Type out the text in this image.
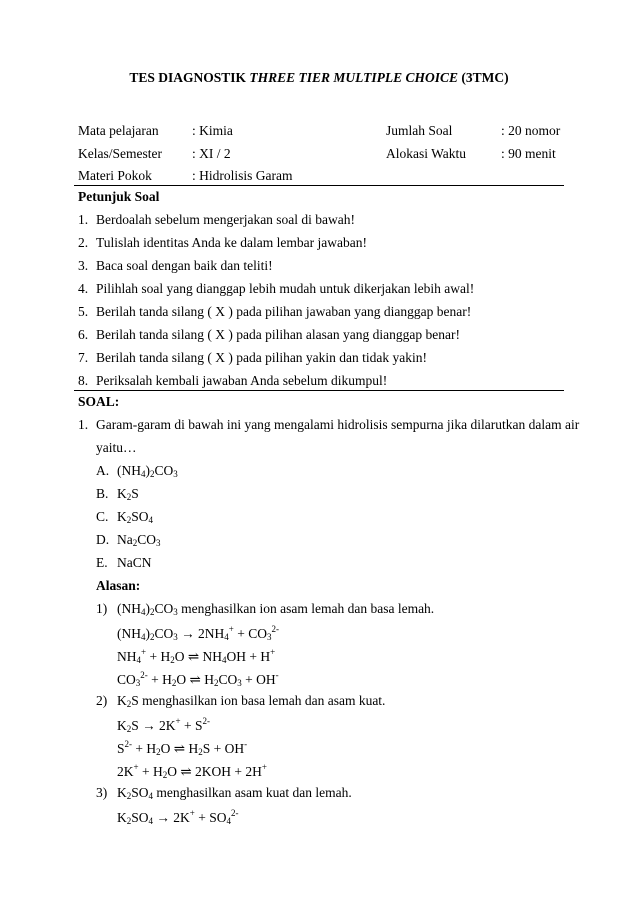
TES DIAGNOSTIK THREE TIER MULTIPLE CHOICE (3TMC)
Mata pelajaran : Kimia	Jumlah Soal	: 20 nomor
Kelas/Semester : XI / 2	Alokasi Waktu	: 90 menit
Materi Pokok	: Hidrolisis Garam
Petunjuk Soal
1. Berdoalah sebelum mengerjakan soal di bawah!
2. Tulislah identitas Anda ke dalam lembar jawaban!
3. Baca soal dengan baik dan teliti!
4. Pilihlah soal yang dianggap lebih mudah untuk dikerjakan lebih awal!
5. Berilah tanda silang ( X ) pada pilihan jawaban yang dianggap benar!
6. Berilah tanda silang ( X ) pada pilihan alasan yang dianggap benar!
7. Berilah tanda silang ( X ) pada pilihan yakin dan tidak yakin!
8. Periksalah kembali jawaban Anda sebelum dikumpul!
SOAL:
1. Garam-garam di bawah ini yang mengalami hidrolisis sempurna jika dilarutkan dalam air
yaitu…
A. $(NH_4)_2CO_3$
B. $K_2S$
C. $K_2SO_4$
D. $Na_2CO_3$
E. NaCN
Alasan:
1) $(NH_4)_2CO_3$ menghasilkan ion asam lemah dan basa lemah.
$(NH_4)_2CO_3 \to 2NH_4^+ + CO_3^{2-}$
$NH_4^+ + H_2O$ ⇌ $NH_4OH + H^+$
$CO_3^{2-} + H_2O$ ⇌ $H_2CO_3 + OH^-$
2) $K_2S$ menghasilkan ion basa lemah dan asam kuat.
$K_2S \to 2K^+ + S^{2-}$
$S^{2-} + H_2O$ ⇌ $H_2S + OH^-$
$2K^+ + H_2O$ ⇌ 2KOH + 2H+
3) $K_2SO_4$ menghasilkan asam kuat dan lemah.
$K_2SO_4 \to 2K^+ + SO_4^{2-}$
